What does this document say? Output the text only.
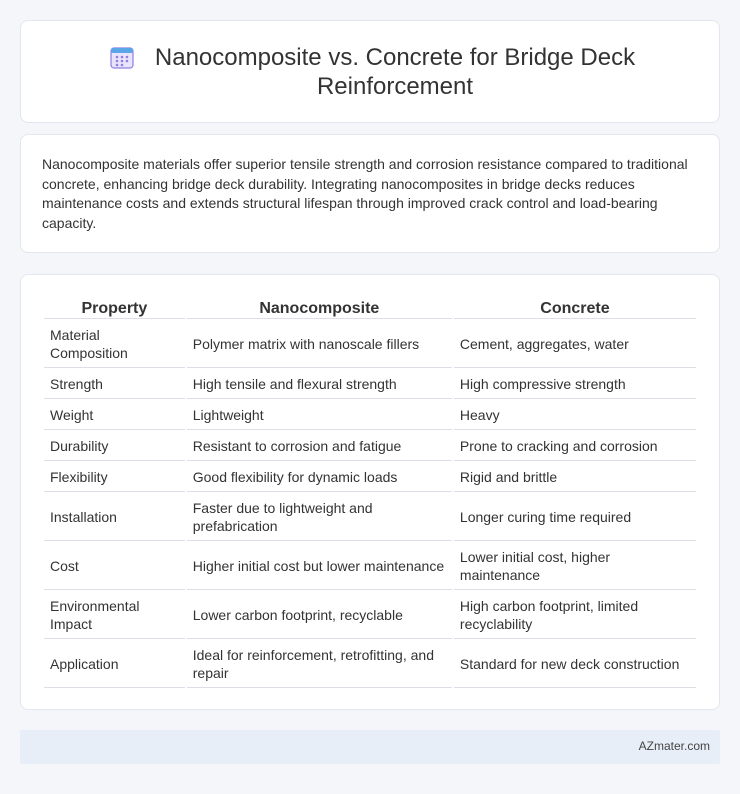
Nanocomposite vs. Concrete for Bridge Deck Reinforcement

Nanocomposite materials offer superior tensile strength and corrosion resistance compared to traditional concrete, enhancing bridge deck durability. Integrating nanocomposites in bridge decks reduces maintenance costs and extends structural lifespan through improved crack control and load-bearing capacity.

Property	Nanocomposite	Concrete
Material Composition	Polymer matrix with nanoscale fillers	Cement, aggregates, water
Strength	High tensile and flexural strength	High compressive strength
Weight	Lightweight	Heavy
Durability	Resistant to corrosion and fatigue	Prone to cracking and corrosion
Flexibility	Good flexibility for dynamic loads	Rigid and brittle
Installation	Faster due to lightweight and prefabrication	Longer curing time required
Cost	Higher initial cost but lower maintenance	Lower initial cost, higher maintenance
Environmental Impact	Lower carbon footprint, recyclable	High carbon footprint, limited recyclability
Application	Ideal for reinforcement, retrofitting, and repair	Standard for new deck construction
AZmater.com
